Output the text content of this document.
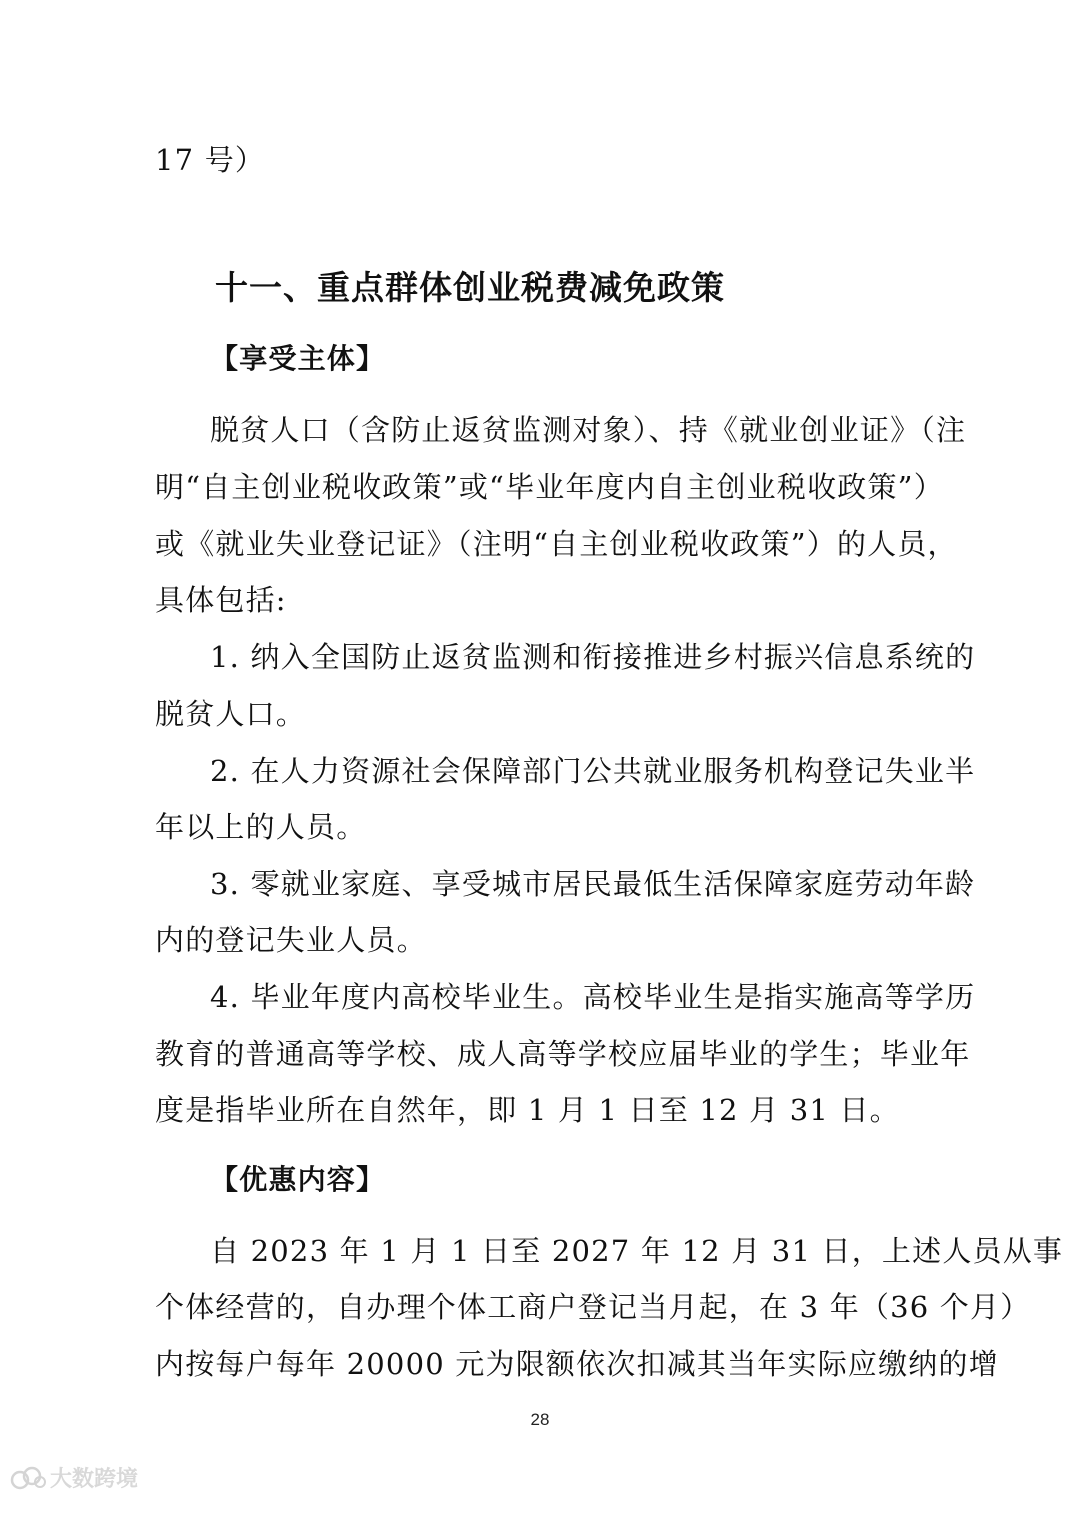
17 号）
十一、重点群体创业税费减免政策
【享受主体】
脱贫人口（含防止返贫监测对象）、持《就业创业证》（注
明“自主创业税收政策”或“毕业年度内自主创业税收政策”）
或《就业失业登记证》（注明“自主创业税收政策”）的人员，
具体包括:
1. 纳入全国防止返贫监测和衔接推进乡村振兴信息系统的
脱贫人口。
2. 在人力资源社会保障部门公共就业服务机构登记失业半
年以上的人员。
3. 零就业家庭、享受城市居民最低生活保障家庭劳动年龄
内的登记失业人员。
4. 毕业年度内高校毕业生。高校毕业生是指实施高等学历
教育的普通高等学校、成人高等学校应届毕业的学生；毕业年
度是指毕业所在自然年，即 1 月 1 日至 12 月 31 日。
【优惠内容】
自 2023 年 1 月 1 日至 2027 年 12 月 31 日，上述人员从事
个体经营的，自办理个体工商户登记当月起，在 3 年（36 个月）
内按每户每年 20000 元为限额依次扣减其当年实际应缴纳的增
28
大数跨境
